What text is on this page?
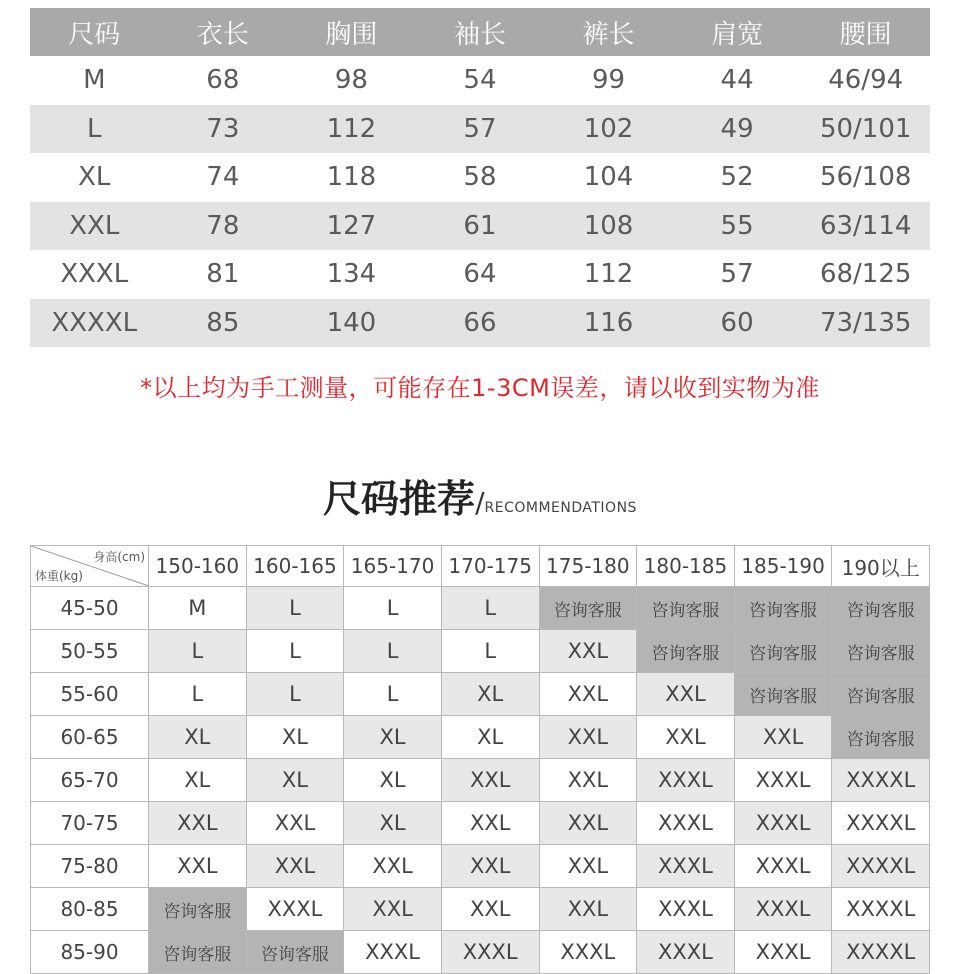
尺码	衣长	胸围	袖长	裤长	肩宽	腰围
M	68	98	54	99	44	46/94
L	73	112	57	102	49	50/101
XL	74	118	58	104	52	56/108
XXL	78	127	61	108	55	63/114
XXXL	81	134	64	112	57	68/125
XXXXL	85	140	66	116	60	73/135
*以上均为手工测量，可能存在1-3CM误差，请以收到实物为准
尺码推荐/RECOMMENDATIONS
身高(cm)
体重(kg)	150-160	160-165	165-170	170-175	175-180	180-185	185-190	190以上
45-50	M	L	L	L	咨询客服	咨询客服	咨询客服	咨询客服
50-55	L	L	L	L	XXL	咨询客服	咨询客服	咨询客服
55-60	L	L	L	XL	XXL	XXL	咨询客服	咨询客服
60-65	XL	XL	XL	XL	XXL	XXL	XXL	咨询客服
65-70	XL	XL	XL	XXL	XXL	XXXL	XXXL	XXXXL
70-75	XXL	XXL	XL	XXL	XXL	XXXL	XXXL	XXXXL
75-80	XXL	XXL	XXL	XXL	XXL	XXXL	XXXL	XXXXL
80-85	咨询客服	XXXL	XXL	XXL	XXL	XXXL	XXXL	XXXXL
85-90	咨询客服	咨询客服	XXXL	XXXL	XXXL	XXXL	XXXL	XXXXL
